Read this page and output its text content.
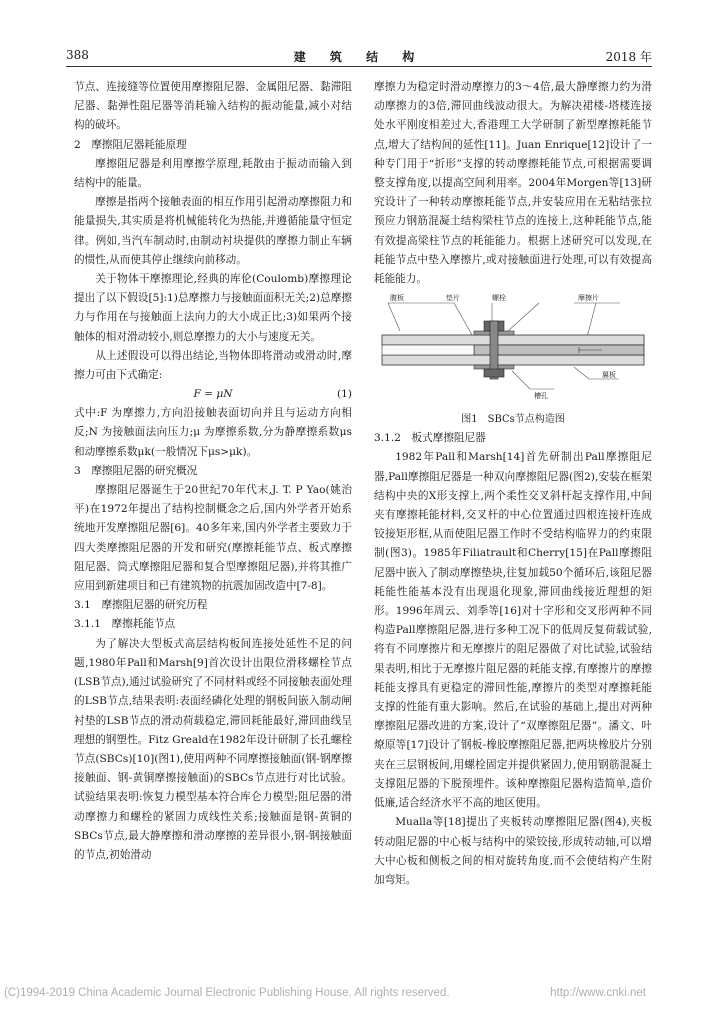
388	建 筑 结 构	2018 年

节点、连接缝等位置使用摩擦阻尼器、金属阻尼器、黏滞阻尼器、黏弹性阻尼器等消耗输入结构的振动能量,减小对结构的破坏。

2　摩擦阻尼器耗能原理

摩擦阻尼器是利用摩擦学原理,耗散由于振动而输入到结构中的能量。

摩擦是指两个接触表面的相互作用引起滑动摩擦阻力和能量损失,其实质是将机械能转化为热能,并遵循能量守恒定律。例如,当汽车制动时,由制动衬块提供的摩擦力制止车辆的惯性,从而使其停止继续向前移动。

关于物体干摩擦理论,经典的库伦(Coulomb)摩擦理论提出了以下假设[5]:1)总摩擦力与接触面面积无关;2)总摩擦力与作用在与接触面上法向力的大小成正比;3)如果两个接触体的相对滑动较小,则总摩擦力的大小与速度无关。

从上述假设可以得出结论,当物体即将滑动或滑动时,摩擦力可由下式确定:

F = μN	(1)

式中:F 为摩擦力,方向沿接触表面切向并且与运动方向相反;N 为接触面法向压力;μ 为摩擦系数,分为静摩擦系数μs 和动摩擦系数μk(一般情况下μs>μk)。

3　摩擦阻尼器的研究概况

摩擦阻尼器诞生于20世纪70年代末,J. T. P Yao(姚治平)在1972年提出了结构控制概念之后,国内外学者开始系统地开发摩擦阻尼器[6]。40多年来,国内外学者主要致力于四大类摩擦阻尼器的开发和研究(摩擦耗能节点、板式摩擦阻尼器、筒式摩擦阻尼器和复合型摩擦阻尼器),并将其推广应用到新建项目和已有建筑物的抗震加固改造中[7-8]。

3.1　摩擦阻尼器的研究历程
3.1.1　摩擦耗能节点

为了解决大型板式高层结构板间连接处延性不足的问题,1980年Pall和Marsh[9]首次设计出限位滑移螺栓节点(LSB节点),通过试验研究了不同材料或经不同接触表面处理的LSB节点,结果表明:表面经磷化处理的钢板间嵌入制动闸衬垫的LSB节点的滑动荷载稳定,滞回耗能最好,滞回曲线呈理想的钢塑性。Fitz Greald在1982年设计研制了长孔螺栓节点(SBCs)[10](图1),使用两种不同摩擦接触面(钢-钢摩擦接触面、钢-黄铜摩擦接触面)的SBCs节点进行对比试验。试验结果表明:恢复力模型基本符合库仑力模型;阻尼器的滑动摩擦力和螺栓的紧固力成线性关系;接触面是钢-黄铜的SBCs节点,最大静摩擦和滑动摩擦的差异很小,钢-钢接触面的节点,初始滑动

摩擦力为稳定时滑动摩擦力的3～4倍,最大静摩擦力约为滑动摩擦力的3倍,滞回曲线波动很大。为解决裙楼-塔楼连接处水平刚度相差过大,香港理工大学研制了新型摩擦耗能节点,增大了结构间的延性[11]。Juan Enrique[12]设计了一种专门用于“折形”支撑的转动摩擦耗能节点,可根据需要调整支撑角度,以提高空间利用率。2004年Morgen等[13]研究设计了一种转动摩擦耗能节点,并安装应用在无粘结张拉预应力钢筋混凝土结构梁柱节点的连接上,这种耗能节点,能有效提高梁柱节点的耗能能力。根据上述研究可以发现,在耗能节点中垫入摩擦片,或对接触面进行处理,可以有效提高耗能能力。

腹板	垫片	螺栓	摩擦片
翼板
槽孔
图1　SBCs节点构造图
3.1.2　板式摩擦阻尼器

1982年Pall和Marsh[14]首先研制出Pall摩擦阻尼器,Pall摩擦阻尼器是一种双向摩擦阻尼器(图2),安装在框架结构中央的X形支撑上,两个柔性交叉斜杆起支撑作用,中间夹有摩擦耗能材料,交叉杆的中心位置通过四根连接杆连成铰接矩形框,从而使阻尼器工作时不受结构临界力的约束限制(图3)。1985年Filiatrault和Cherry[15]在Pall摩擦阻尼器中嵌入了制动摩擦垫块,往复加载50个循环后,该阻尼器耗能性能基本没有出现退化现象,滞回曲线接近理想的矩形。1996年周云、刘季等[16]对十字形和交叉形两种不同构造Pall摩擦阻尼器,进行多种工况下的低周反复荷载试验,将有不同摩擦片和无摩擦片的阻尼器做了对比试验,试验结果表明,相比于无摩擦片阻尼器的耗能支撑,有摩擦片的摩擦耗能支撑具有更稳定的滞回性能,摩擦片的类型对摩擦耗能支撑的性能有重大影响。然后,在试验的基础上,提出对两种摩擦阻尼器改进的方案,设计了“双摩擦阻尼器”。潘文、叶燎原等[17]设计了钢板-橡胶摩擦阻尼器,把两块橡胶片分别夹在三层钢板间,用螺栓固定并提供紧固力,使用钢筋混凝土支撑阻尼器的下脱预埋件。该种摩擦阻尼器构造简单,造价低廉,适合经济水平不高的地区使用。

Mualla等[18]提出了夹板转动摩擦阻尼器(图4),夹板转动阻尼器的中心板与结构中的梁铰接,形成转动轴,可以增大中心板和侧板之间的相对旋转角度,而不会使结构产生附加弯矩。

(C)1994-2019 China Academic Journal Electronic Publishing House. All rights reserved.	http://www.cnki.net
